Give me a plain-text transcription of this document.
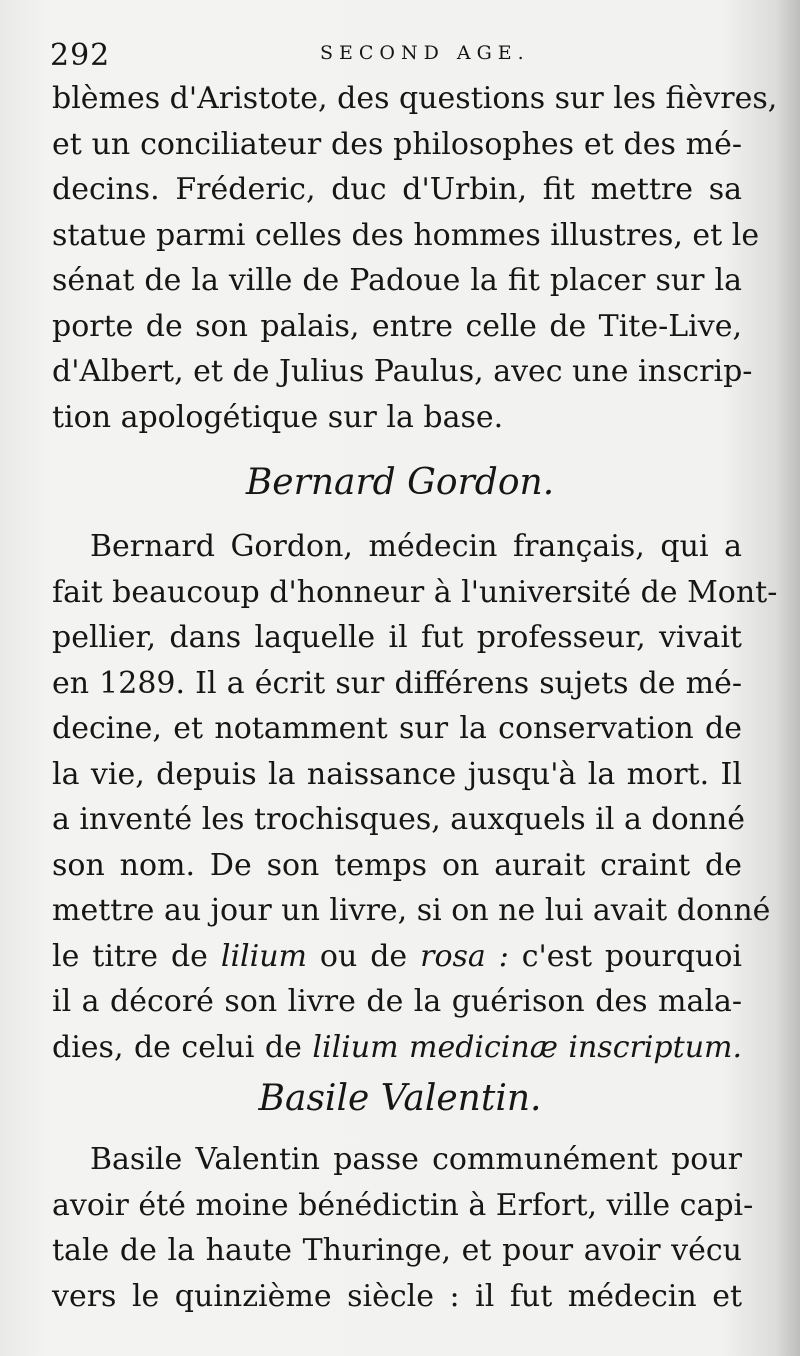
292	SECOND AGE.
blèmes d'Aristote, des questions sur les fièvres,
et un conciliateur des philosophes et des mé-
decins. Fréderic, duc d'Urbin, fit mettre sa
statue parmi celles des hommes illustres, et le
sénat de la ville de Padoue la fit placer sur la
porte de son palais, entre celle de Tite-Live,
d'Albert, et de Julius Paulus, avec une inscrip-
tion apologétique sur la base.
Bernard Gordon.
Bernard Gordon, médecin français, qui a
fait beaucoup d'honneur à l'université de Mont-
pellier, dans laquelle il fut professeur, vivait
en 1289. Il a écrit sur différens sujets de mé-
decine, et notamment sur la conservation de
la vie, depuis la naissance jusqu'à la mort. Il
a inventé les trochisques, auxquels il a donné
son nom. De son temps on aurait craint de
mettre au jour un livre, si on ne lui avait donné
le titre de lilium ou de rosa : c'est pourquoi
il a décoré son livre de la guérison des mala-
dies, de celui de lilium medicinæ inscriptum.
Basile Valentin.
Basile Valentin passe communément pour
avoir été moine bénédictin à Erfort, ville capi-
tale de la haute Thuringe, et pour avoir vécu
vers le quinzième siècle : il fut médecin et
